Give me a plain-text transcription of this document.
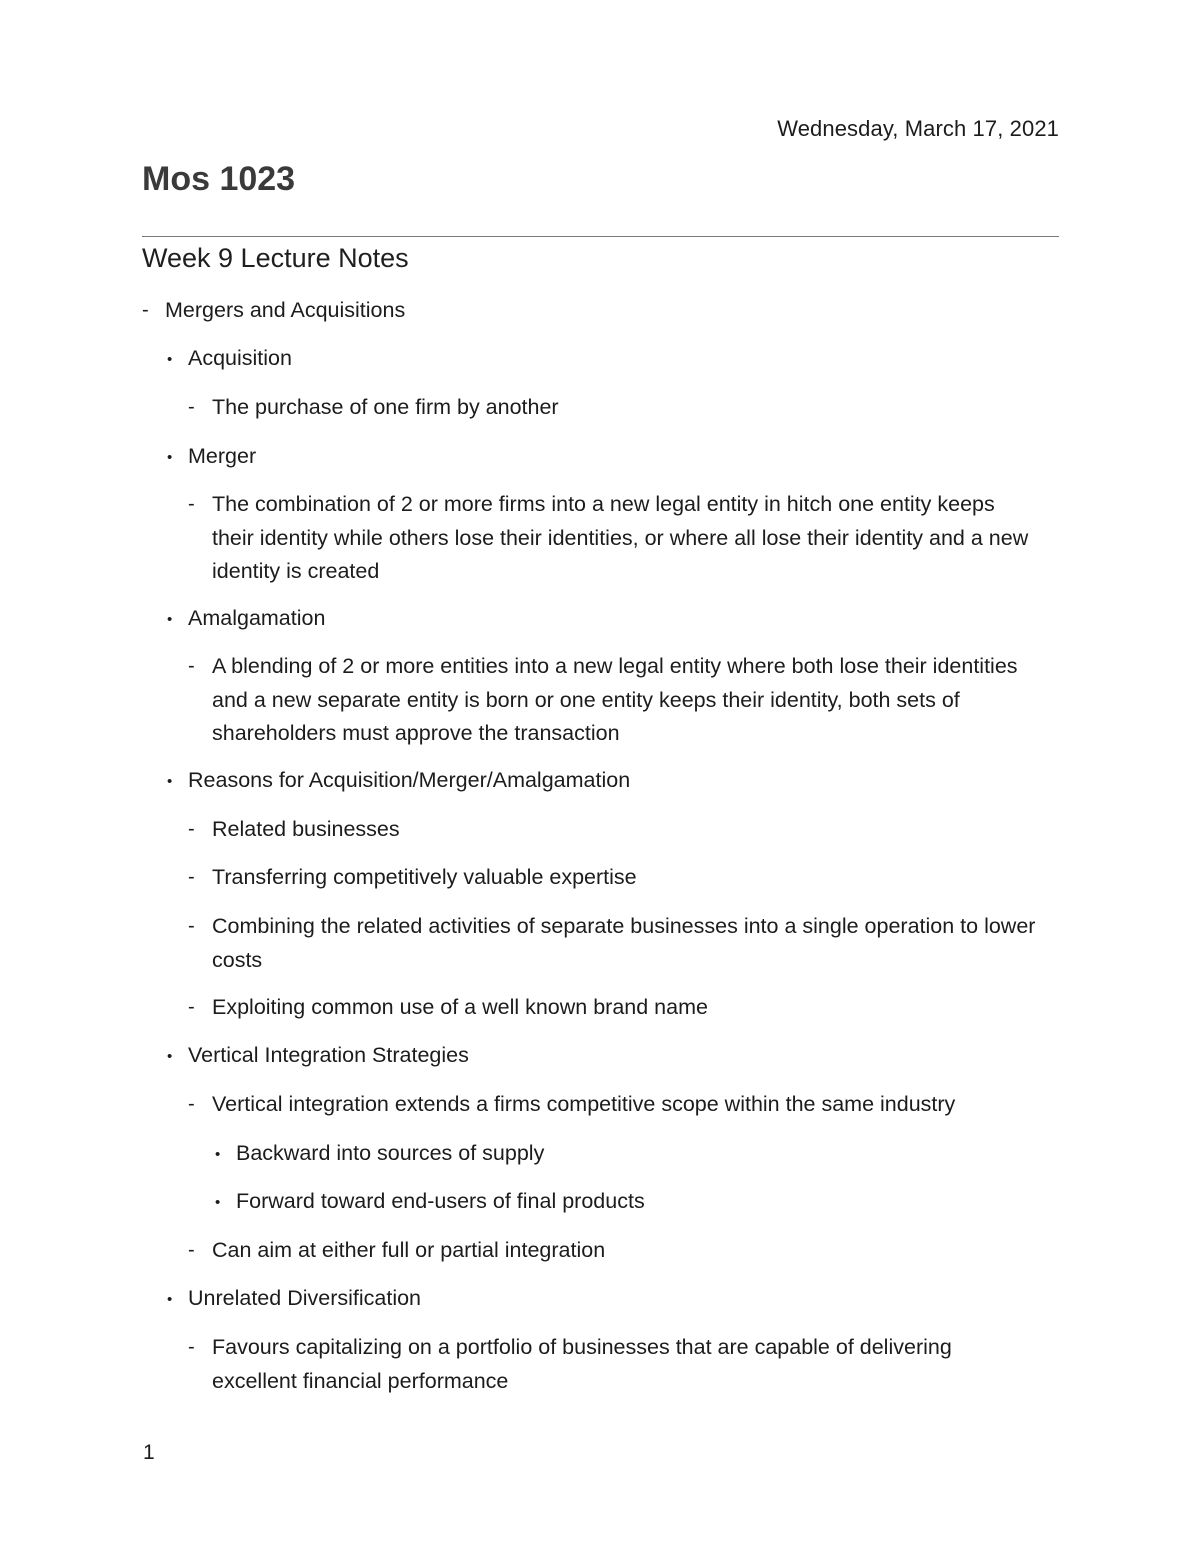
Wednesday, March 17, 2021
Mos 1023
Week 9 Lecture Notes
- Mergers and Acquisitions
• Acquisition
- The purchase of one firm by another
• Merger
- The combination of 2 or more firms into a new legal entity in hitch one entity keeps their identity while others lose their identities, or where all lose their identity and a new identity is created
• Amalgamation
- A blending of 2 or more entities into a new legal entity where both lose their identities and a new separate entity is born or one entity keeps their identity, both sets of shareholders must approve the transaction
• Reasons for Acquisition/Merger/Amalgamation
- Related businesses
- Transferring competitively valuable expertise
- Combining the related activities of separate businesses into a single operation to lower costs
- Exploiting common use of a well known brand name
• Vertical Integration Strategies
- Vertical integration extends a firms competitive scope within the same industry
• Backward into sources of supply
• Forward toward end-users of final products
- Can aim at either full or partial integration
• Unrelated Diversification
- Favours capitalizing on a portfolio of businesses that are capable of delivering excellent financial performance
1
